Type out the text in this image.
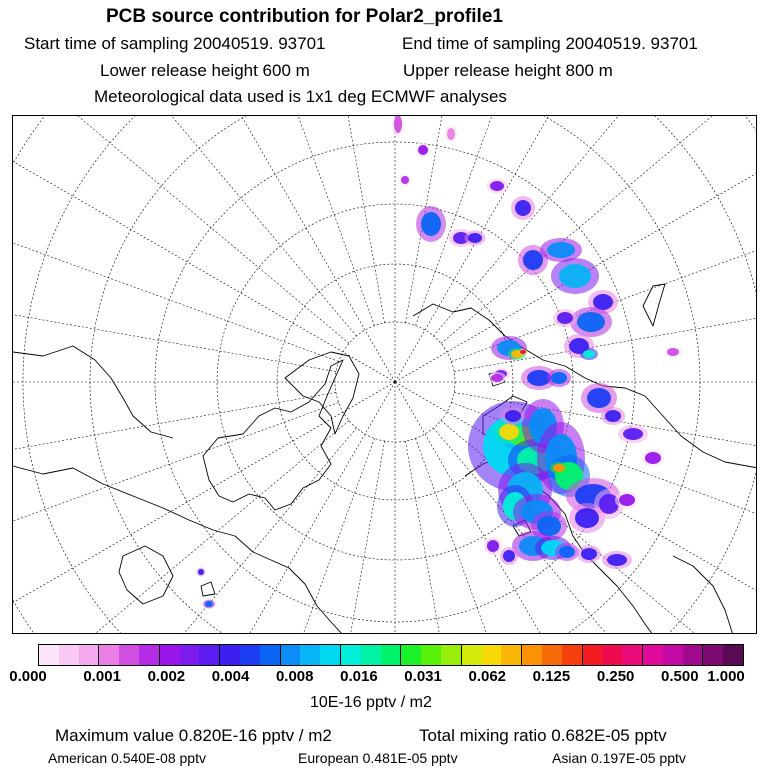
PCB source contribution for Polar2_profile1
Start time of sampling 20040519. 93701	End time of sampling 20040519. 93701
Lower release height 600 m	Upper release height 800 m
Meteorological data used is 1x1 deg ECMWF analyses
0.000 0.001 0.002 0.004 0.008 0.016 0.031 0.062 0.125 0.250 0.500 1.000
10E-16 pptv / m2
Maximum value 0.820E-16 pptv / m2	Total mixing ratio 0.682E-05 pptv
American 0.540E-08 pptv	European 0.481E-05 pptv	Asian 0.197E-05 pptv
